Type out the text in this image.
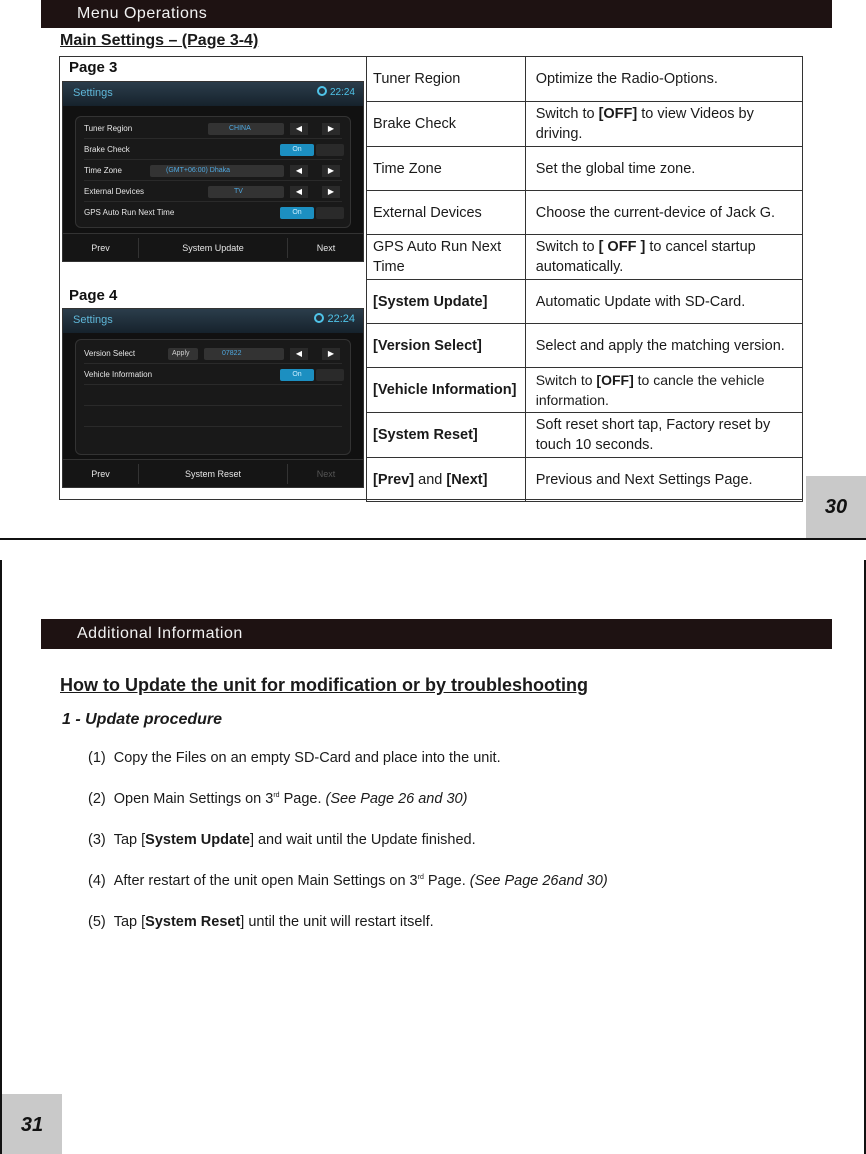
Menu Operations
Main Settings – (Page 3-4)
Page 3
Settings	22:24
Tuner Region	CHINA	◀	▶
Brake Check	On
Time Zone	(GMT+06:00) Dhaka	◀	▶
External Devices	TV	◀	▶
GPS Auto Run Next Time	On
Prev	System Update	Next
Page 4
Settings	22:24
Version Select	Apply	07822	◀	▶
Vehicle Information	On
Prev	System Reset	Next
Tuner Region	Optimize the Radio-Options.
Brake Check	Switch to [OFF] to view Videos by driving.
Time Zone	Set the global time zone.
External Devices	Choose the current-device of Jack G.
GPS Auto Run Next Time	Switch to [ OFF ] to cancel startup automatically.
[System Update]	Automatic Update with SD-Card.
[Version Select]	Select and apply the matching version.
[Vehicle Information]	Switch to [OFF] to cancle the vehicle information.
[System Reset]	Soft reset short tap, Factory reset by touch 10 seconds.
[Prev] and [Next]	Previous and Next Settings Page.
30
Additional Information
How to Update the unit for modification or by troubleshooting
1 - Update procedure
(1) Copy the Files on an empty SD-Card and place into the unit.
(2) Open Main Settings on 3rd Page. (See Page 26 and 30)
(3) Tap [System Update] and wait until the Update finished.
(4) After restart of the unit open Main Settings on 3rd Page. (See Page 26and 30)
(5) Tap [System Reset] until the unit will restart itself.
31
